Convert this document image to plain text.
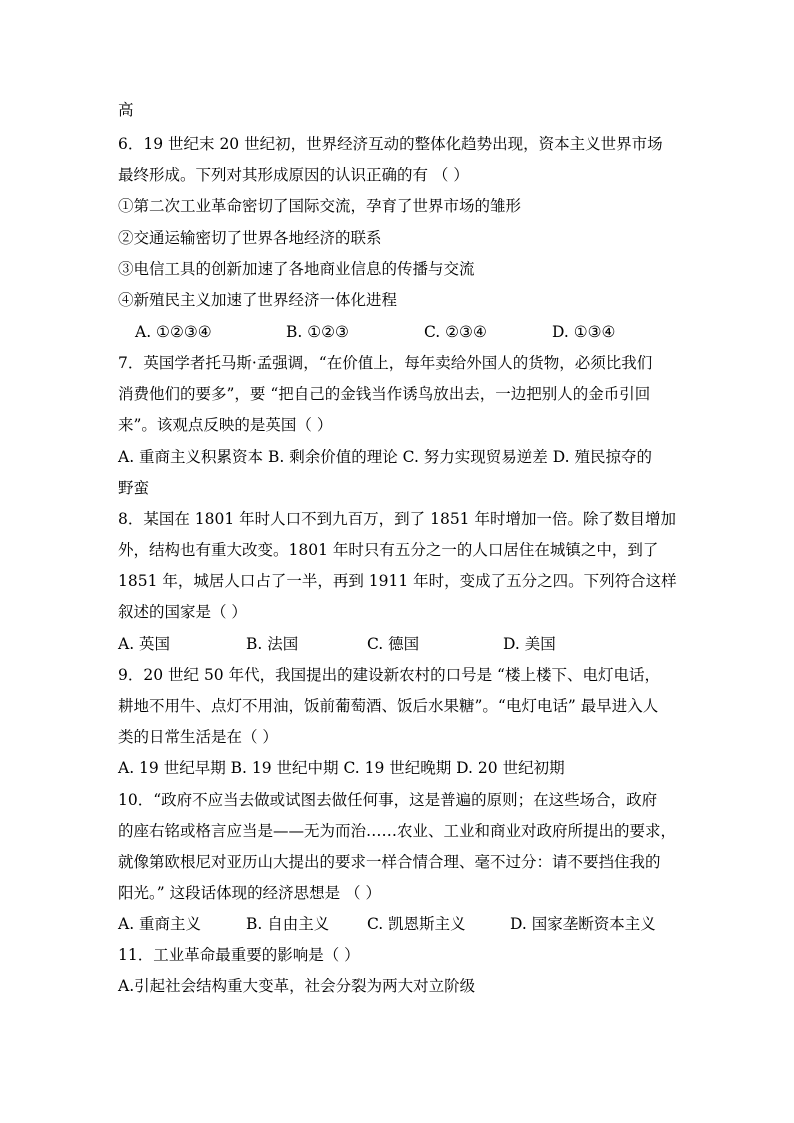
高
6．19 世纪末 20 世纪初，世界经济互动的整体化趋势出现，资本主义世界市场
最终形成。下列对其形成原因的认识正确的有 （ ）
①第二次工业革命密切了国际交流，孕育了世界市场的雏形
②交通运输密切了世界各地经济的联系
③电信工具的创新加速了各地商业信息的传播与交流
④新殖民主义加速了世界经济一体化进程
A. ①②③④	B. ①②③	C. ②③④	D. ①③④
7．英国学者托马斯·孟强调，“在价值上，每年卖给外国人的货物，必须比我们
消费他们的要多”，要 “把自己的金钱当作诱鸟放出去，一边把别人的金币引回
来”。该观点反映的是英国（ ）
A. 重商主义积累资本 B. 剩余价值的理论 C. 努力实现贸易逆差 D. 殖民掠夺的
野蛮
8．某国在 1801 年时人口不到九百万，到了 1851 年时增加一倍。除了数目增加
外，结构也有重大改变。1801 年时只有五分之一的人口居住在城镇之中，到了
1851 年，城居人口占了一半，再到 1911 年时，变成了五分之四。下列符合这样
叙述的国家是（ ）
A. 英国	B. 法国	C. 德国	D. 美国
9．20 世纪 50 年代，我国提出的建设新农村的口号是 “楼上楼下、电灯电话，
耕地不用牛、点灯不用油，饭前葡萄酒、饭后水果糖”。“电灯电话” 最早进入人
类的日常生活是在（ ）
A. 19 世纪早期 B. 19 世纪中期 C. 19 世纪晚期 D. 20 世纪初期
10．“政府不应当去做或试图去做任何事，这是普遍的原则；在这些场合，政府
的座右铭或格言应当是——无为而治……农业、工业和商业对政府所提出的要求，
就像第欧根尼对亚历山大提出的要求一样合情合理、毫不过分：请不要挡住我的
阳光。” 这段话体现的经济思想是 （ ）
A. 重商主义	B. 自由主义 C. 凯恩斯主义	D. 国家垄断资本主义
11．工业革命最重要的影响是（ ）
A.引起社会结构重大变革，社会分裂为两大对立阶级
